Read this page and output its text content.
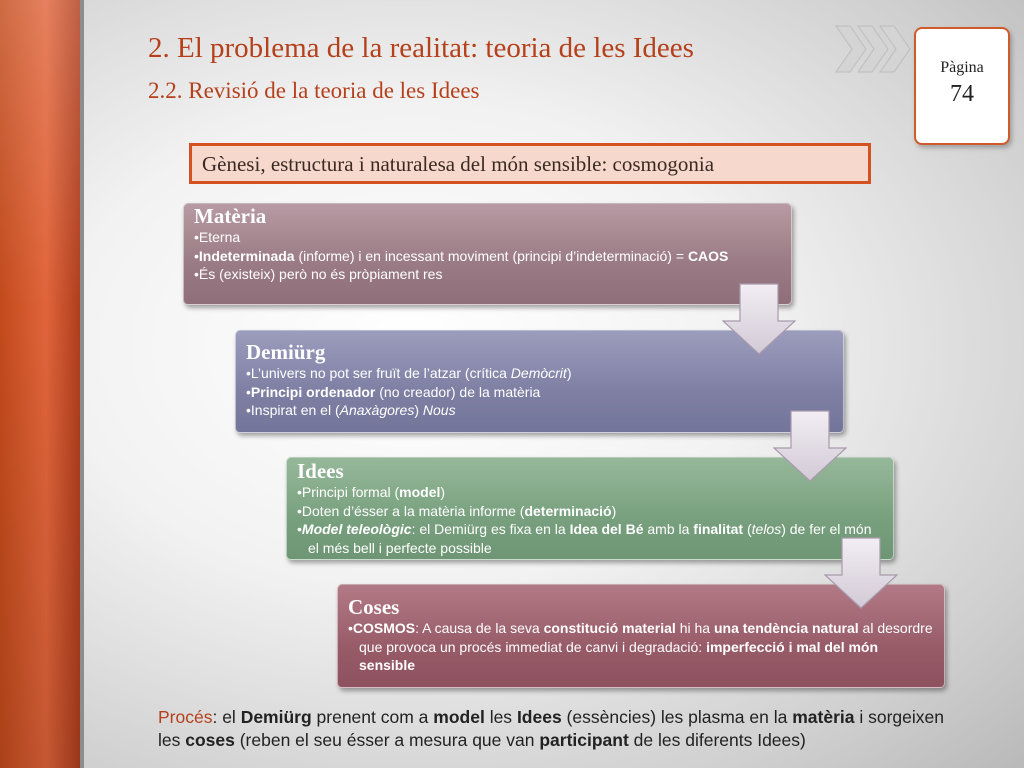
2. El problema de la realitat: teoria de les Idees
2.2. Revisió de la teoria de les Idees
Pàgina
74
Gènesi, estructura i naturalesa del món sensible: cosmogonia
Matèria
• Eterna
• Indeterminada (informe) i en incessant moviment (principi d’indeterminació) = CAOS
• És (existeix) però no és pròpiament res
Demiürg
• L’univers no pot ser fruït de l’atzar (crítica Demòcrit)
• Principi ordenador (no creador) de la matèria
• Inspirat en el (Anaxàgores) Nous
Idees
• Principi formal (model)
• Doten d’ésser a la matèria informe (determinació)
• Model teleològic: el Demiürg es fixa en la Idea del Bé amb la finalitat (telos) de fer el món el més bell i perfecte possible
Coses
• COSMOS: A causa de la seva constitució material hi ha una tendència natural al desordre que provoca un procés immediat de canvi i degradació: imperfecció i mal del món sensible

Procés: el Demiürg prenent com a model les Idees (essències) les plasma en la matèria i sorgeixen les coses (reben el seu ésser a mesura que van participant de les diferents Idees)
